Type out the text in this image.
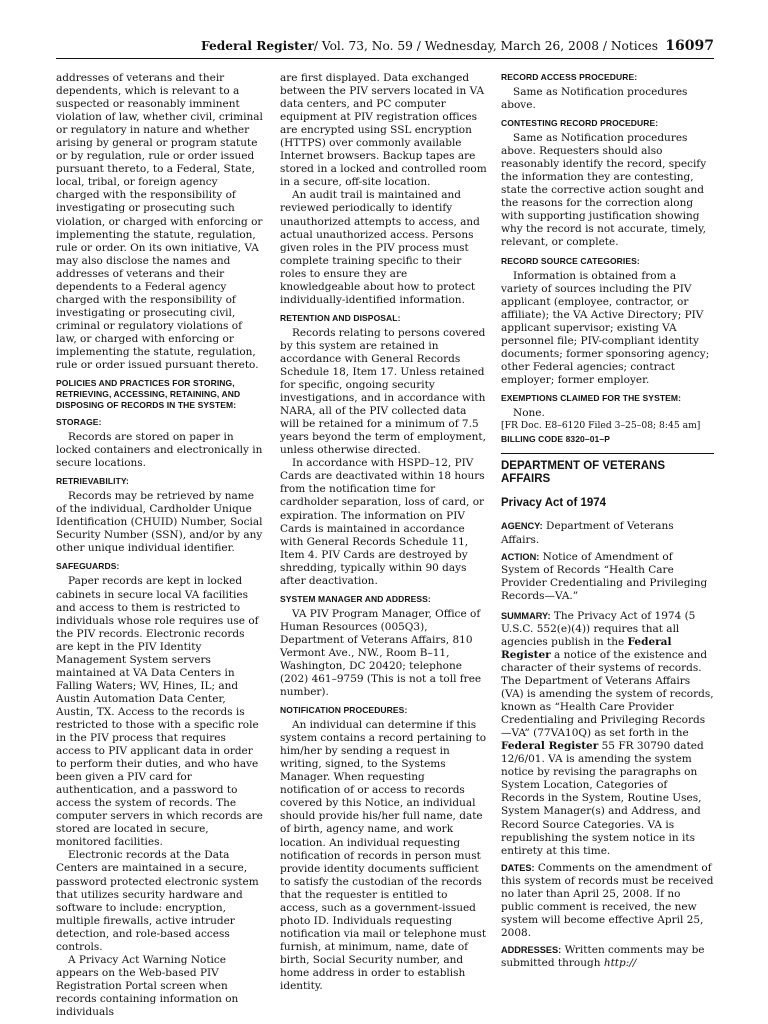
Federal Register/ Vol. 73, No. 59 / Wednesday, March 26, 2008 / Notices 16097

addresses of veterans and their dependents, which is relevant to a suspected or reasonably imminent violation of law, whether civil, criminal or regulatory in nature and whether arising by general or program statute or by regulation, rule or order issued pursuant thereto, to a Federal, State, local, tribal, or foreign agency charged with the responsibility of investigating or prosecuting such violation, or charged with enforcing or implementing the statute, regulation, rule or order. On its own initiative, VA may also disclose the names and addresses of veterans and their dependents to a Federal agency charged with the responsibility of investigating or prosecuting civil, criminal or regulatory violations of law, or charged with enforcing or implementing the statute, regulation, rule or order issued pursuant thereto.

POLICIES AND PRACTICES FOR STORING, RETRIEVING, ACCESSING, RETAINING, AND DISPOSING OF RECORDS IN THE SYSTEM:
STORAGE:

Records are stored on paper in locked containers and electronically in secure locations.

RETRIEVABILITY:

Records may be retrieved by name of the individual, Cardholder Unique Identification (CHUID) Number, Social Security Number (SSN), and/or by any other unique individual identifier.

SAFEGUARDS:

Paper records are kept in locked cabinets in secure local VA facilities and access to them is restricted to individuals whose role requires use of the PIV records. Electronic records are kept in the PIV Identity Management System servers maintained at VA Data Centers in Falling Waters; WV, Hines, IL; and Austin Automation Data Center, Austin, TX. Access to the records is restricted to those with a specific role in the PIV process that requires access to PIV applicant data in order to perform their duties, and who have been given a PIV card for authentication, and a password to access the system of records. The computer servers in which records are stored are located in secure, monitored facilities.

Electronic records at the Data Centers are maintained in a secure, password protected electronic system that utilizes security hardware and software to include: encryption, multiple firewalls, active intruder detection, and role-based access controls.

A Privacy Act Warning Notice appears on the Web-based PIV Registration Portal screen when records containing information on individuals

are first displayed. Data exchanged between the PIV servers located in VA data centers, and PC computer equipment at PIV registration offices are encrypted using SSL encryption (HTTPS) over commonly available Internet browsers. Backup tapes are stored in a locked and controlled room in a secure, off-site location.

An audit trail is maintained and reviewed periodically to identify unauthorized attempts to access, and actual unauthorized access. Persons given roles in the PIV process must complete training specific to their roles to ensure they are knowledgeable about how to protect individually-identified information.

RETENTION AND DISPOSAL:

Records relating to persons covered by this system are retained in accordance with General Records Schedule 18, Item 17. Unless retained for specific, ongoing security investigations, and in accordance with NARA, all of the PIV collected data will be retained for a minimum of 7.5 years beyond the term of employment, unless otherwise directed.

In accordance with HSPD–12, PIV Cards are deactivated within 18 hours from the notification time for cardholder separation, loss of card, or expiration. The information on PIV Cards is maintained in accordance with General Records Schedule 11, Item 4. PIV Cards are destroyed by shredding, typically within 90 days after deactivation.

SYSTEM MANAGER AND ADDRESS:

VA PIV Program Manager, Office of Human Resources (005Q3), Department of Veterans Affairs, 810 Vermont Ave., NW., Room B–11, Washington, DC 20420; telephone (202) 461–9759 (This is not a toll free number).

NOTIFICATION PROCEDURES:

An individual can determine if this system contains a record pertaining to him/her by sending a request in writing, signed, to the Systems Manager. When requesting notification of or access to records covered by this Notice, an individual should provide his/her full name, date of birth, agency name, and work location. An individual requesting notification of records in person must provide identity documents sufficient to satisfy the custodian of the records that the requester is entitled to access, such as a government-issued photo ID. Individuals requesting notification via mail or telephone must furnish, at minimum, name, date of birth, Social Security number, and home address in order to establish identity.

RECORD ACCESS PROCEDURE:

Same as Notification procedures above.

CONTESTING RECORD PROCEDURE:

Same as Notification procedures above. Requesters should also reasonably identify the record, specify the information they are contesting, state the corrective action sought and the reasons for the correction along with supporting justification showing why the record is not accurate, timely, relevant, or complete.

RECORD SOURCE CATEGORIES:

Information is obtained from a variety of sources including the PIV applicant (employee, contractor, or affiliate); the VA Active Directory; PIV applicant supervisor; existing VA personnel file; PIV-compliant identity documents; former sponsoring agency; other Federal agencies; contract employer; former employer.

EXEMPTIONS CLAIMED FOR THE SYSTEM:

None.

[FR Doc. E8–6120 Filed 3–25–08; 8:45 am]

BILLING CODE 8320–01–P
DEPARTMENT OF VETERANS AFFAIRS
Privacy Act of 1974

AGENCY: Department of Veterans Affairs.

ACTION: Notice of Amendment of System of Records “Health Care Provider Credentialing and Privileging Records—VA.”

SUMMARY: The Privacy Act of 1974 (5 U.S.C. 552(e)(4)) requires that all agencies publish in the Federal Register a notice of the existence and character of their systems of records. The Department of Veterans Affairs (VA) is amending the system of records, known as “Health Care Provider Credentialing and Privileging Records—VA” (77VA10Q) as set forth in the Federal Register 55 FR 30790 dated 12/6/01. VA is amending the system notice by revising the paragraphs on System Location, Categories of Records in the System, Routine Uses, System Manager(s) and Address, and Record Source Categories. VA is republishing the system notice in its entirety at this time.

DATES: Comments on the amendment of this system of records must be received no later than April 25, 2008. If no public comment is received, the new system will become effective April 25, 2008.

ADDRESSES: Written comments may be submitted through http://
